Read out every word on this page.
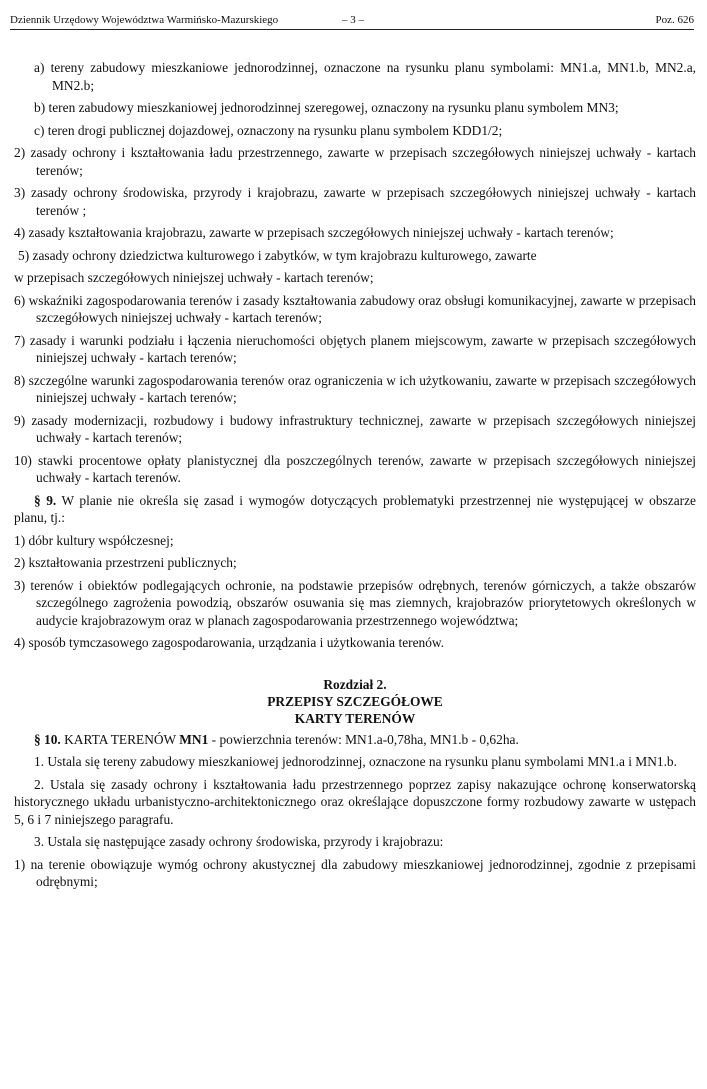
Dziennik Urzędowy Województwa Warmińsko-Mazurskiego	– 3 –	Poz. 626

a) tereny zabudowy mieszkaniowe jednorodzinnej, oznaczone na rysunku planu symbolami: MN1.a, MN1.b, MN2.a, MN2.b;

b) teren zabudowy mieszkaniowej jednorodzinnej szeregowej, oznaczony na rysunku planu symbolem MN3;

c) teren drogi publicznej dojazdowej, oznaczony na rysunku planu symbolem KDD1/2;

2) zasady ochrony i kształtowania ładu przestrzennego, zawarte w przepisach szczegółowych niniejszej uchwały - kartach terenów;

3) zasady ochrony środowiska, przyrody i krajobrazu, zawarte w przepisach szczegółowych niniejszej uchwały - kartach terenów ;

4) zasady kształtowania krajobrazu, zawarte w przepisach szczegółowych niniejszej uchwały - kartach terenów;

5) zasady ochrony dziedzictwa kulturowego i zabytków, w tym krajobrazu kulturowego, zawarte

w przepisach szczegółowych niniejszej uchwały - kartach terenów;

6) wskaźniki zagospodarowania terenów i zasady kształtowania zabudowy oraz obsługi komunikacyjnej, zawarte w przepisach szczegółowych niniejszej uchwały - kartach terenów;

7) zasady i warunki podziału i łączenia nieruchomości objętych planem miejscowym, zawarte w przepisach szczegółowych niniejszej uchwały - kartach terenów;

8) szczególne warunki zagospodarowania terenów oraz ograniczenia w ich użytkowaniu, zawarte w przepisach szczegółowych niniejszej uchwały - kartach terenów;

9) zasady modernizacji, rozbudowy i budowy infrastruktury technicznej, zawarte w przepisach szczegółowych niniejszej uchwały - kartach terenów;

10) stawki procentowe opłaty planistycznej dla poszczególnych terenów, zawarte w przepisach szczegółowych niniejszej uchwały - kartach terenów.

§ 9. W planie nie określa się zasad i wymogów dotyczących problematyki przestrzennej nie występującej w obszarze planu, tj.:

1) dóbr kultury współczesnej;

2) kształtowania przestrzeni publicznych;

3) terenów i obiektów podlegających ochronie, na podstawie przepisów odrębnych, terenów górniczych, a także obszarów szczególnego zagrożenia powodzią, obszarów osuwania się mas ziemnych, krajobrazów priorytetowych określonych w audycie krajobrazowym oraz w planach zagospodarowania przestrzennego województwa;

4) sposób tymczasowego zagospodarowania, urządzania i użytkowania terenów.

Rozdział 2.

PRZEPISY SZCZEGÓŁOWE

KARTY TERENÓW

§ 10. KARTA TERENÓW MN1 - powierzchnia terenów: MN1.a-0,78ha, MN1.b - 0,62ha.

1. Ustala się tereny zabudowy mieszkaniowej jednorodzinnej, oznaczone na rysunku planu symbolami MN1.a i MN1.b.

2. Ustala się zasady ochrony i kształtowania ładu przestrzennego poprzez zapisy nakazujące ochronę konserwatorską historycznego układu urbanistyczno-architektonicznego oraz określające dopuszczone formy rozbudowy zawarte w ustępach 5, 6 i 7 niniejszego paragrafu.

3. Ustala się następujące zasady ochrony środowiska, przyrody i krajobrazu:

1) na terenie obowiązuje wymóg ochrony akustycznej dla zabudowy mieszkaniowej jednorodzinnej, zgodnie z przepisami odrębnymi;
